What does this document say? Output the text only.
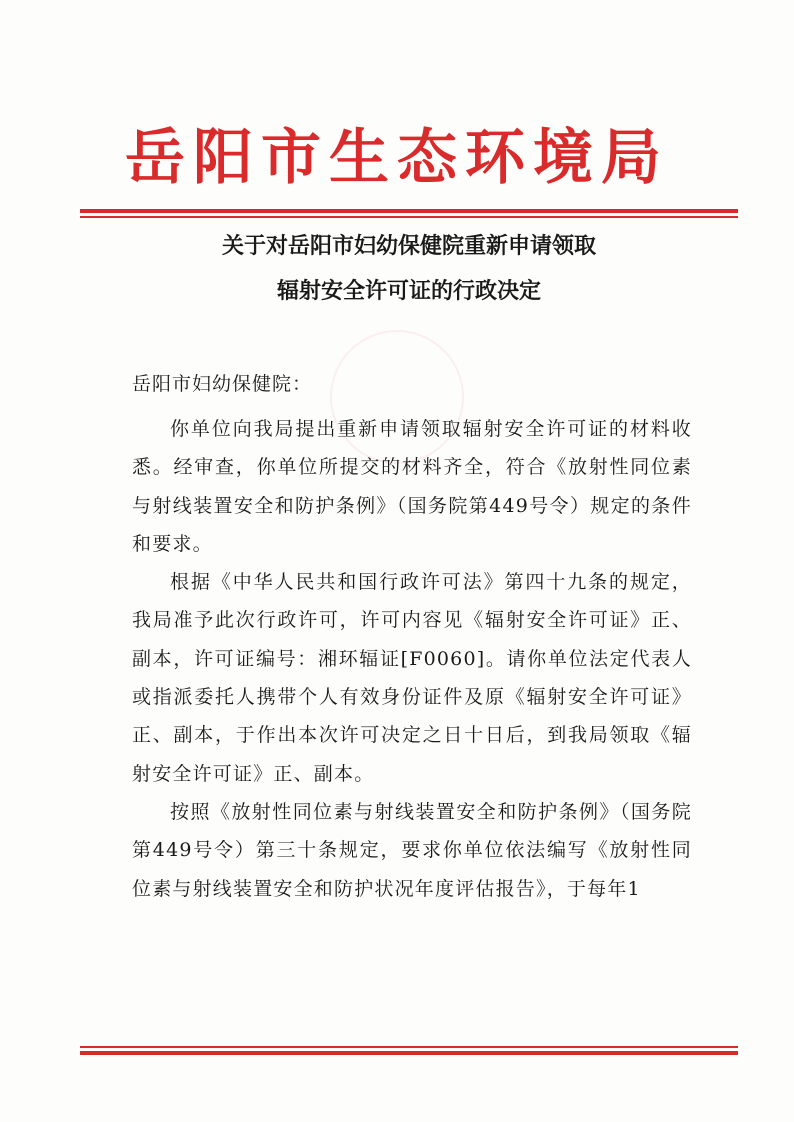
岳阳市生态环境局
关于对岳阳市妇幼保健院重新申请领取
辐射安全许可证的行政决定
岳阳市妇幼保健院：

你单位向我局提出重新申请领取辐射安全许可证的材料收悉。经审查，你单位所提交的材料齐全，符合《放射性同位素与射线装置安全和防护条例》（国务院第449号令）规定的条件和要求。

根据《中华人民共和国行政许可法》第四十九条的规定，我局准予此次行政许可，许可内容见《辐射安全许可证》正、副本，许可证编号：湘环辐证[F0060]。请你单位法定代表人或指派委托人携带个人有效身份证件及原《辐射安全许可证》正、副本，于作出本次许可决定之日十日后，到我局领取《辐射安全许可证》正、副本。

按照《放射性同位素与射线装置安全和防护条例》（国务院第449号令）第三十条规定，要求你单位依法编写《放射性同位素与射线装置安全和防护状况年度评估报告》，于每年1
